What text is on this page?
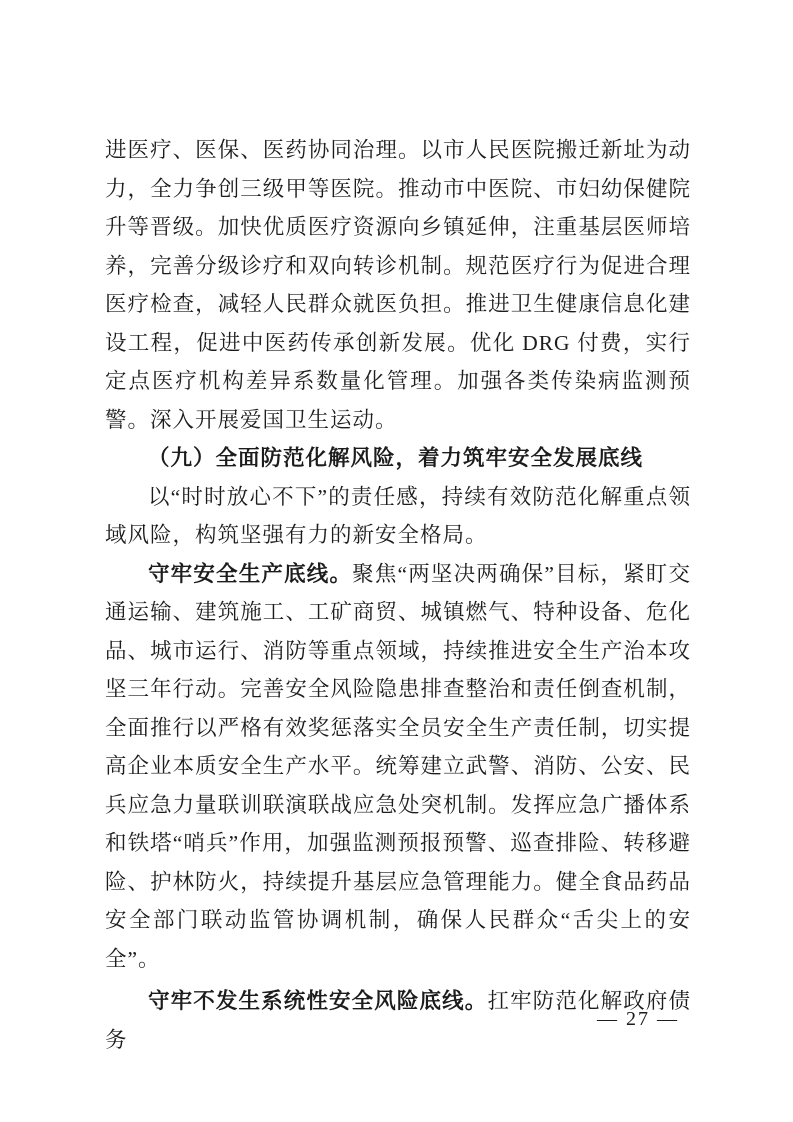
进医疗、医保、医药协同治理。以市人民医院搬迁新址为动力，全力争创三级甲等医院。推动市中医院、市妇幼保健院升等晋级。加快优质医疗资源向乡镇延伸，注重基层医师培养，完善分级诊疗和双向转诊机制。规范医疗行为促进合理医疗检查，减轻人民群众就医负担。推进卫生健康信息化建设工程，促进中医药传承创新发展。优化 DRG 付费，实行定点医疗机构差异系数量化管理。加强各类传染病监测预警。深入开展爱国卫生运动。

（九）全面防范化解风险，着力筑牢安全发展底线

以“时时放心不下”的责任感，持续有效防范化解重点领域风险，构筑坚强有力的新安全格局。

守牢安全生产底线。聚焦“两坚决两确保”目标，紧盯交通运输、建筑施工、工矿商贸、城镇燃气、特种设备、危化品、城市运行、消防等重点领域，持续推进安全生产治本攻坚三年行动。完善安全风险隐患排查整治和责任倒查机制，全面推行以严格有效奖惩落实全员安全生产责任制，切实提高企业本质安全生产水平。统筹建立武警、消防、公安、民兵应急力量联训联演联战应急处突机制。发挥应急广播体系和铁塔“哨兵”作用，加强监测预报预警、巡查排险、转移避险、护林防火，持续提升基层应急管理能力。健全食品药品安全部门联动监管协调机制，确保人民群众“舌尖上的安全”。

守牢不发生系统性安全风险底线。扛牢防范化解政府债务

— 27 —
